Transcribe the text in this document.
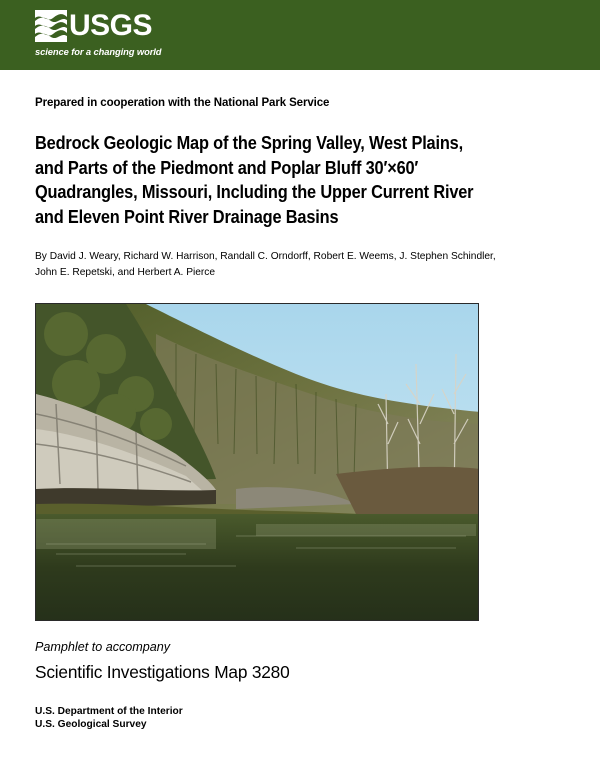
USGS
science for a changing world
Prepared in cooperation with the National Park Service
Bedrock Geologic Map of the Spring Valley, West Plains,
and Parts of the Piedmont and Poplar Bluff 30′×60′
Quadrangles, Missouri, Including the Upper Current River
and Eleven Point River Drainage Basins
By David J. Weary, Richard W. Harrison, Randall C. Orndorff, Robert E. Weems, J. Stephen Schindler,
John E. Repetski, and Herbert A. Pierce
Pamphlet to accompany
Scientific Investigations Map 3280
U.S. Department of the Interior
U.S. Geological Survey
